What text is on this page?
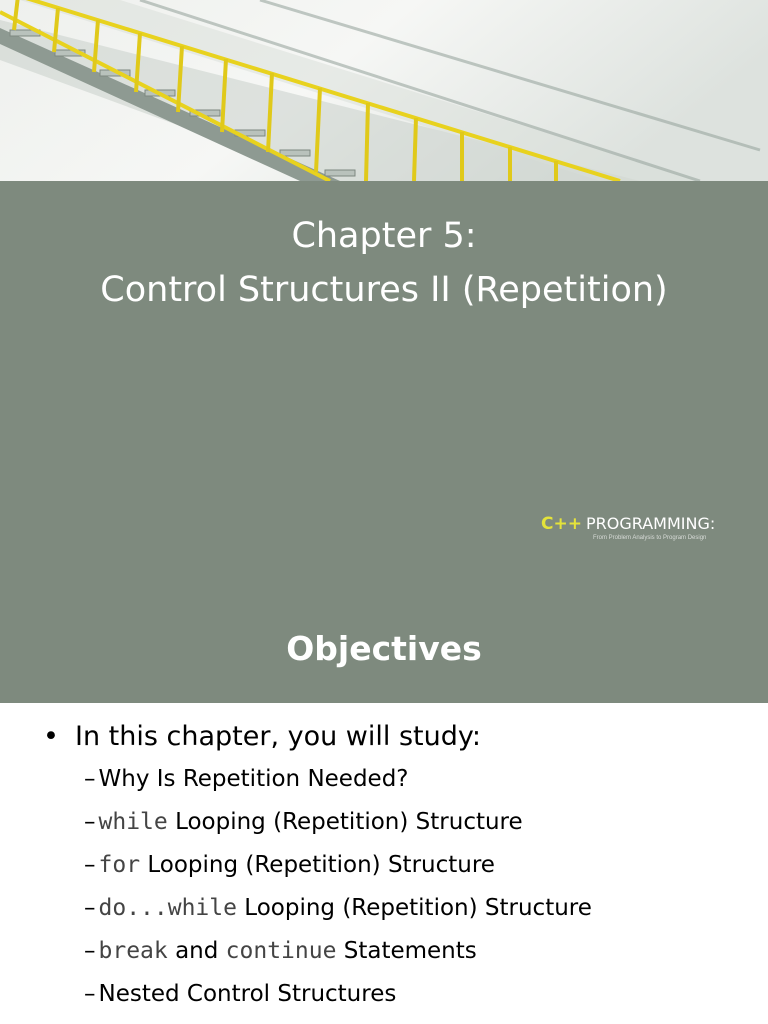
Chapter 5:
Control Structures II (Repetition)
C++ PROGRAMMING:
From Problem Analysis to Program Design
Objectives
• In this chapter, you will study:
– Why Is Repetition Needed?
– while Looping (Repetition) Structure
– for Looping (Repetition) Structure
– do...while Looping (Repetition) Structure
– break and continue Statements
– Nested Control Structures
